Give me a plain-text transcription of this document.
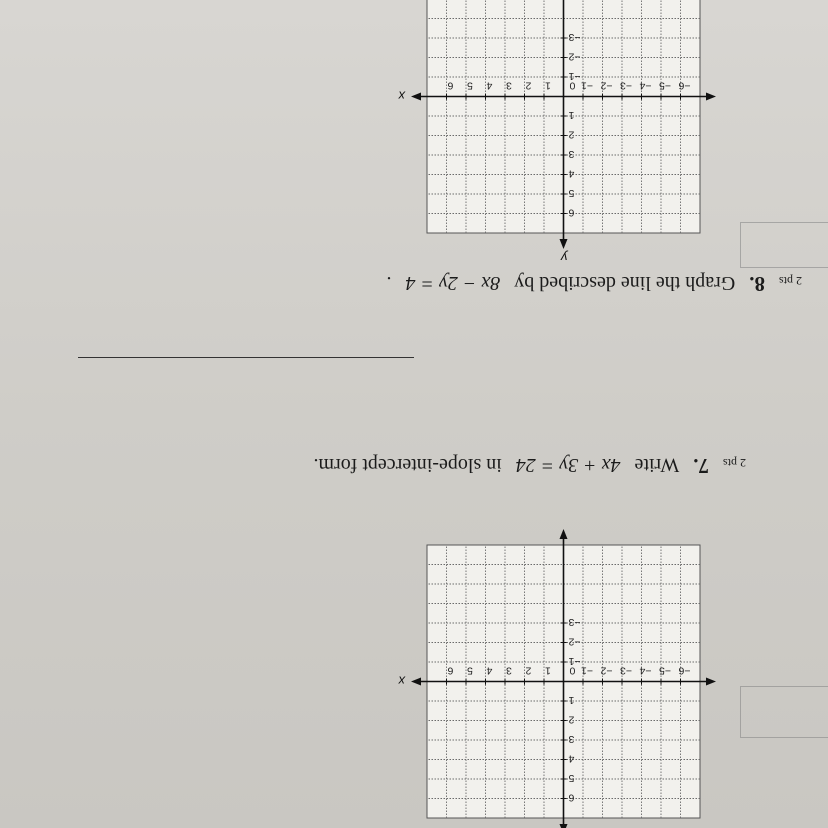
2 pts
7.
Write
4x + 3y = 24
in slope-intercept form.
2 pts
8.
Graph the line described by
8x − 2y = 4
.
x
−6
−5
−4
−3
−2
−1
0
1
2
3
4
5
6
6
5
4
3
2
1
−1
−2
−3
x
y
−6
−5
−4
−3
−2
−1
0
1
2
3
4
5
6
6
5
4
3
2
1
−1
−2
−3
